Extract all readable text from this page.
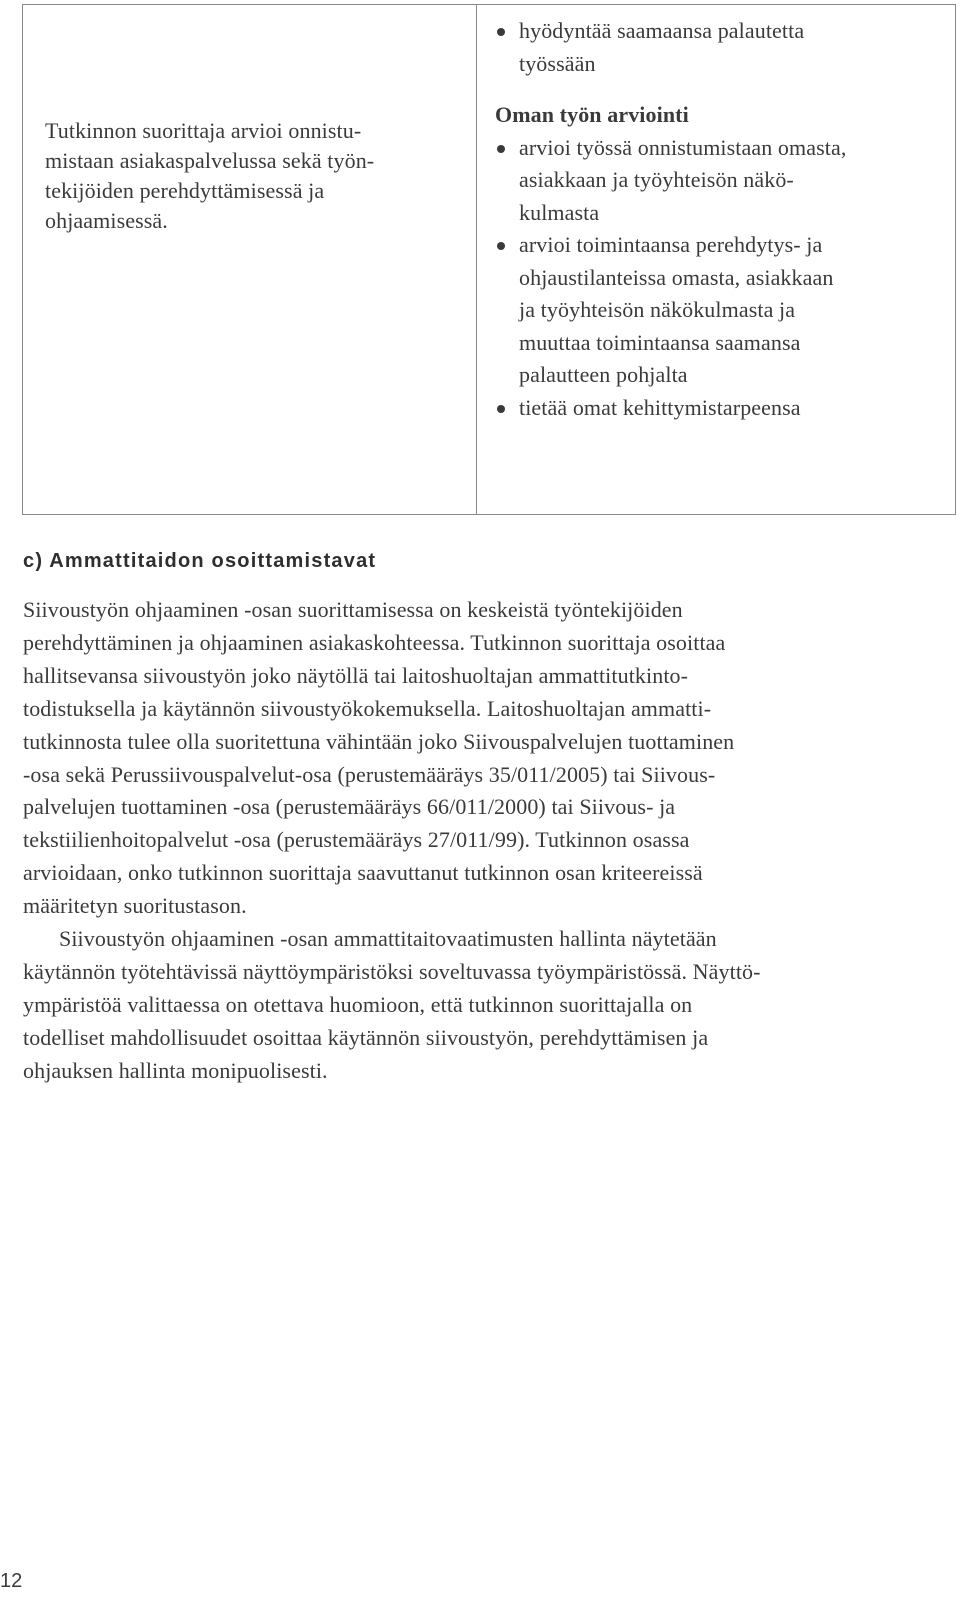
Tutkinnon suorittaja arvioi onnistu-
mistaan asiakaspalvelussa sekä työn-
tekijöiden perehdyttämisessä ja
ohjaamisessä.
hyödyntää saamaansa palautetta
työssään
Oman työn arviointi
arvioi työssä onnistumistaan omasta,
asiakkaan ja työyhteisön näkö-
kulmasta
arvioi toimintaansa perehdytys- ja
ohjaustilanteissa omasta, asiakkaan
ja työyhteisön näkökulmasta ja
muuttaa toimintaansa saamansa
palautteen pohjalta
tietää omat kehittymistarpeensa
c) Ammattitaidon osoittamistavat
Siivoustyön ohjaaminen -osan suorittamisessa on keskeistä työntekijöiden
perehdyttäminen ja ohjaaminen asiakaskohteessa. Tutkinnon suorittaja osoittaa
hallitsevansa siivoustyön joko näytöllä tai laitoshuoltajan ammattitutkinto-
todistuksella ja käytännön siivoustyökokemuksella. Laitoshuoltajan ammatti-
tutkinnosta tulee olla suoritettuna vähintään joko Siivouspalvelujen tuottaminen
-osa sekä Perussiivouspalvelut-osa (perustemääräys 35/011/2005) tai Siivous-
palvelujen tuottaminen -osa (perustemääräys 66/011/2000) tai Siivous- ja
tekstiilienhoitopalvelut -osa (perustemääräys 27/011/99). Tutkinnon osassa
arvioidaan, onko tutkinnon suorittaja saavuttanut tutkinnon osan kriteereissä
määritetyn suoritustason.
Siivoustyön ohjaaminen -osan ammattitaitovaatimusten hallinta näytetään
käytännön työtehtävissä näyttöympäristöksi soveltuvassa työympäristössä. Näyttö-
ympäristöä valittaessa on otettava huomioon, että tutkinnon suorittajalla on
todelliset mahdollisuudet osoittaa käytännön siivoustyön, perehdyttämisen ja
ohjauksen hallinta monipuolisesti.
12
